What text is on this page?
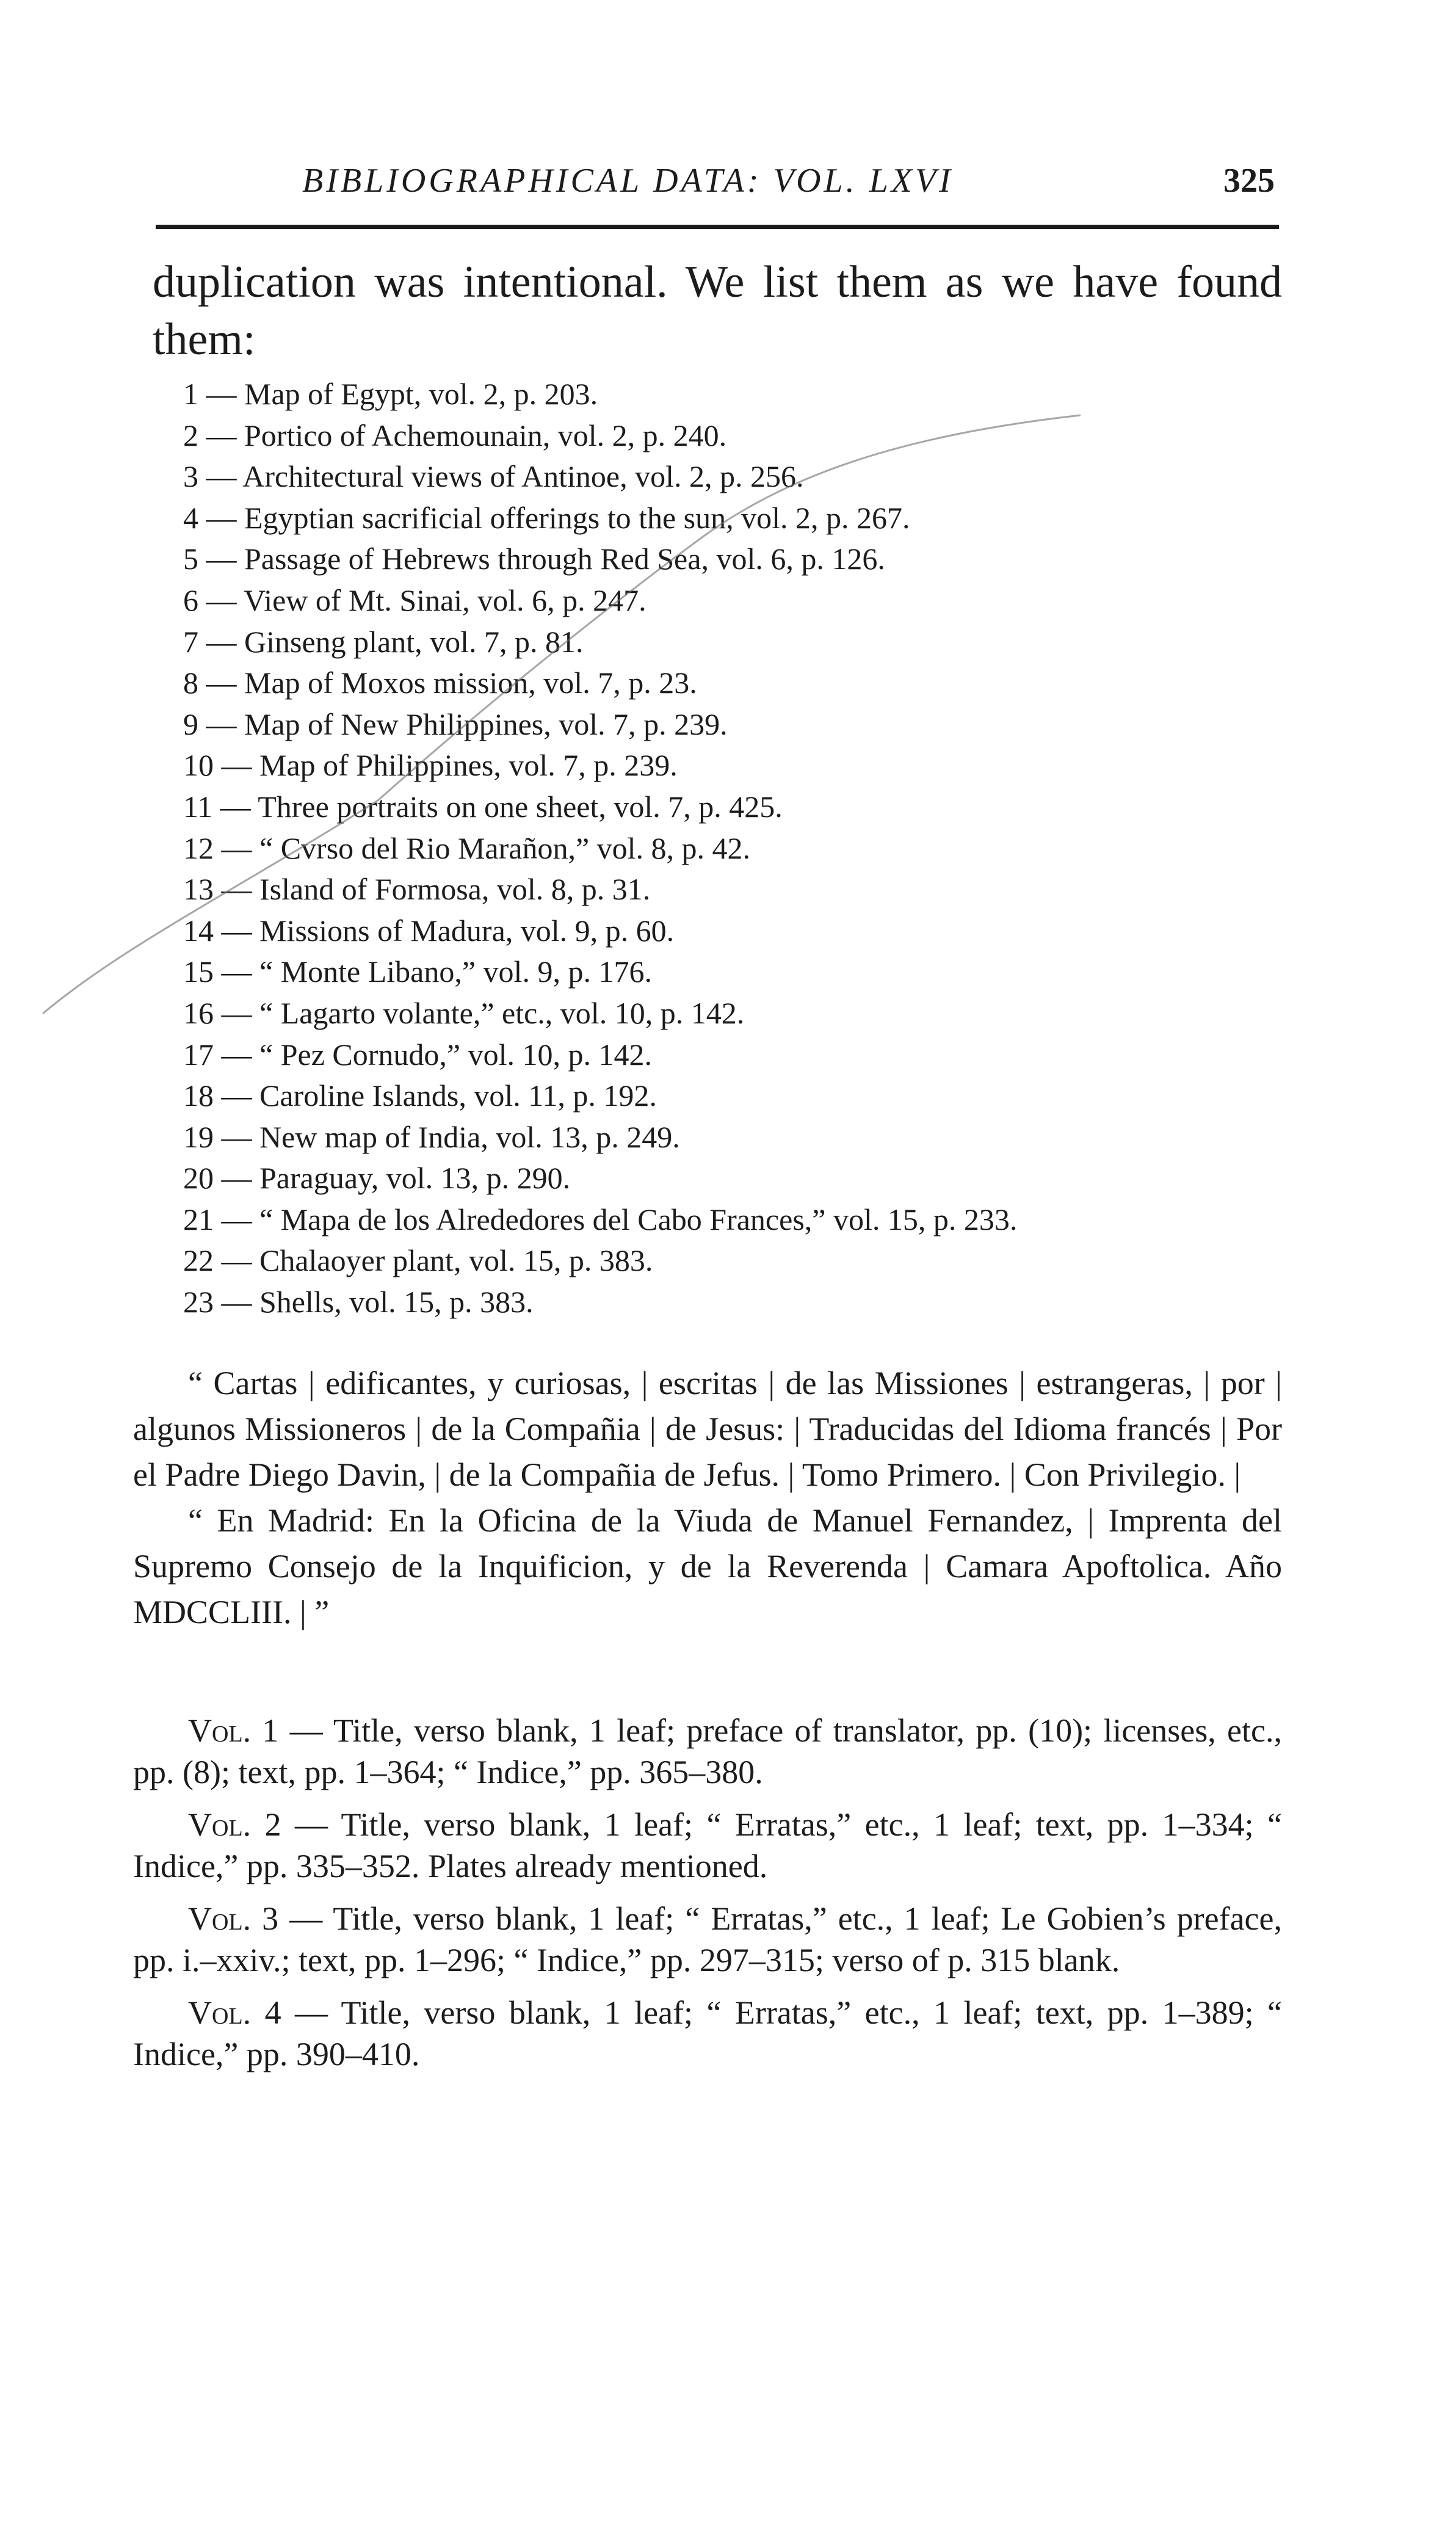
BIBLIOGRAPHICAL DATA: VOL. LXVI	325
duplication was intentional. We list them as we have found them:
1 — Map of Egypt, vol. 2, p. 203.
2 — Portico of Achemounain, vol. 2, p. 240.
3 — Architectural views of Antinoe, vol. 2, p. 256.
4 — Egyptian sacrificial offerings to the sun, vol. 2, p. 267.
5 — Passage of Hebrews through Red Sea, vol. 6, p. 126.
6 — View of Mt. Sinai, vol. 6, p. 247.
7 — Ginseng plant, vol. 7, p. 81.
8 — Map of Moxos mission, vol. 7, p. 23.
9 — Map of New Philippines, vol. 7, p. 239.
10 — Map of Philippines, vol. 7, p. 239.
11 — Three portraits on one sheet, vol. 7, p. 425.
12 — “ Cvrso del Rio Marañon,” vol. 8, p. 42.
13 — Island of Formosa, vol. 8, p. 31.
14 — Missions of Madura, vol. 9, p. 60.
15 — “ Monte Libano,” vol. 9, p. 176.
16 — “ Lagarto volante,” etc., vol. 10, p. 142.
17 — “ Pez Cornudo,” vol. 10, p. 142.
18 — Caroline Islands, vol. 11, p. 192.
19 — New map of India, vol. 13, p. 249.
20 — Paraguay, vol. 13, p. 290.
21 — “ Mapa de los Alrededores del Cabo Frances,” vol. 15, p. 233.
22 — Chalaoyer plant, vol. 15, p. 383.
23 — Shells, vol. 15, p. 383.

“ Cartas | edificantes, y curiosas, | escritas | de las Missiones | estrangeras, | por | algunos Missioneros | de la Compañia | de Jesus: | Traducidas del Idioma francés | Por el Padre Diego Davin, | de la Compañia de Jefus. | Tomo Primero. | Con Privilegio. |

“ En Madrid: En la Oficina de la Viuda de Manuel Fernandez, | Imprenta del Supremo Consejo de la Inquificion, y de la Reverenda | Camara Apoftolica. Año MDCCLIII. | ”

Vol. 1 — Title, verso blank, 1 leaf; preface of translator, pp. (10); licenses, etc., pp. (8); text, pp. 1–364; “ Indice,” pp. 365–380.

Vol. 2 — Title, verso blank, 1 leaf; “ Erratas,” etc., 1 leaf; text, pp. 1–334; “ Indice,” pp. 335–352. Plates already mentioned.

Vol. 3 — Title, verso blank, 1 leaf; “ Erratas,” etc., 1 leaf; Le Gobien’s preface, pp. i.–xxiv.; text, pp. 1–296; “ Indice,” pp. 297–315; verso of p. 315 blank.

Vol. 4 — Title, verso blank, 1 leaf; “ Erratas,” etc., 1 leaf; text, pp. 1–389; “ Indice,” pp. 390–410.
